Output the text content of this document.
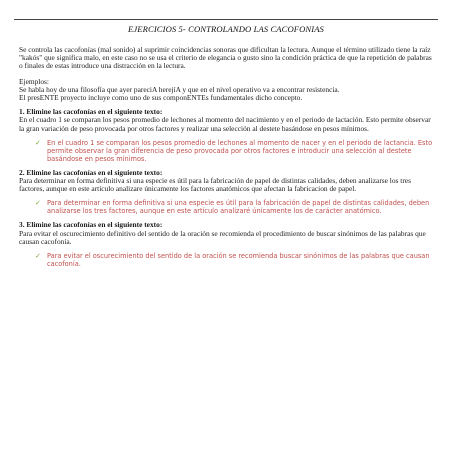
EJERCICIOS 5- CONTROLANDO LAS CACOFONIAS

Se controla las cacofonías (mal sonido) al suprimir coincidencias sonoras que dificultan la lectura. Aunque el término utilizado tiene la raíz "kakós" que significa malo, en este caso no se usa el criterio de elegancia o gusto sino la condición práctica de que la repetición de palabras o finales de estas introduce una distracción en la lectura.

Ejemplos:

Se habla hoy de una filosofía que ayer pareciA herejíA y que en el nivel operativo va a encontrar resistencia.

El presENTE proyecto incluye como uno de sus componENTEs fundamentales dicho concepto.

1. Elimine las cacofonías en el siguiente texto:

En el cuadro 1 se comparan los pesos promedio de lechones al momento del nacimiento y en el periodo de lactación. Esto permite observar la gran variación de peso provocada por otros factores y realizar una selección al destete basándose en pesos mínimos.

✓ En el cuadro 1 se comparan los pesos promedio de lechones al momento de nacer y en el periodo de lactancia. Esto permite observar la gran diferencia de peso provocada por otros factores e introducir una selección al destete basándose en pesos mínimos.

2. Elimine las cacofonías en el siguiente texto:

Para determinar en forma definitiva si una especie es útil para la fabricación de papel de distintas calidades, deben analizarse los tres factores, aunque en este artículo analizare únicamente los factores anatómicos que afectan la fabricacion de papel.

✓ Para determinar en forma definitiva si una especie es útil para la fabricación de papel de distintas calidades, deben analizarse los tres factores, aunque en este artículo analizaré únicamente los de carácter anatómico.

3. Elimine las cacofonías en el siguiente texto:

Para evitar el oscurecimiento definitivo del sentido de la oración se recomienda el procedimiento de buscar sinónimos de las palabras que causan cacofonía.

✓ Para evitar el oscurecimiento del sentido de la oración se recomienda buscar sinónimos de las palabras que causan cacofonía.
